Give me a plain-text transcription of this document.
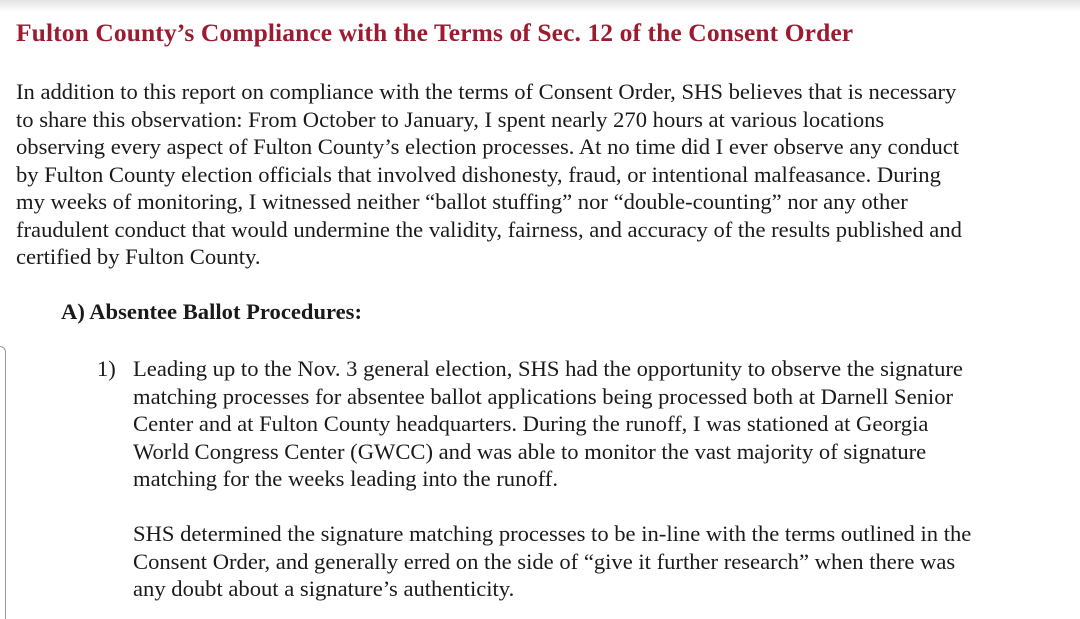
Fulton County’s Compliance with the Terms of Sec. 12 of the Consent Order

In addition to this report on compliance with the terms of Consent Order, SHS believes that is necessary
to share this observation: From October to January, I spent nearly 270 hours at various locations
observing every aspect of Fulton County’s election processes. At no time did I ever observe any conduct
by Fulton County election officials that involved dishonesty, fraud, or intentional malfeasance. During
my weeks of monitoring, I witnessed neither “ballot stuffing” nor “double-counting” nor any other
fraudulent conduct that would undermine the validity, fairness, and accuracy of the results published and
certified by Fulton County.

A) Absentee Ballot Procedures:
1) Leading up to the Nov. 3 general election, SHS had the opportunity to observe the signature
matching processes for absentee ballot applications being processed both at Darnell Senior
Center and at Fulton County headquarters. During the runoff, I was stationed at Georgia
World Congress Center (GWCC) and was able to monitor the vast majority of signature
matching for the weeks leading into the runoff.

SHS determined the signature matching processes to be in-line with the terms outlined in the
Consent Order, and generally erred on the side of “give it further research” when there was
any doubt about a signature’s authenticity.
